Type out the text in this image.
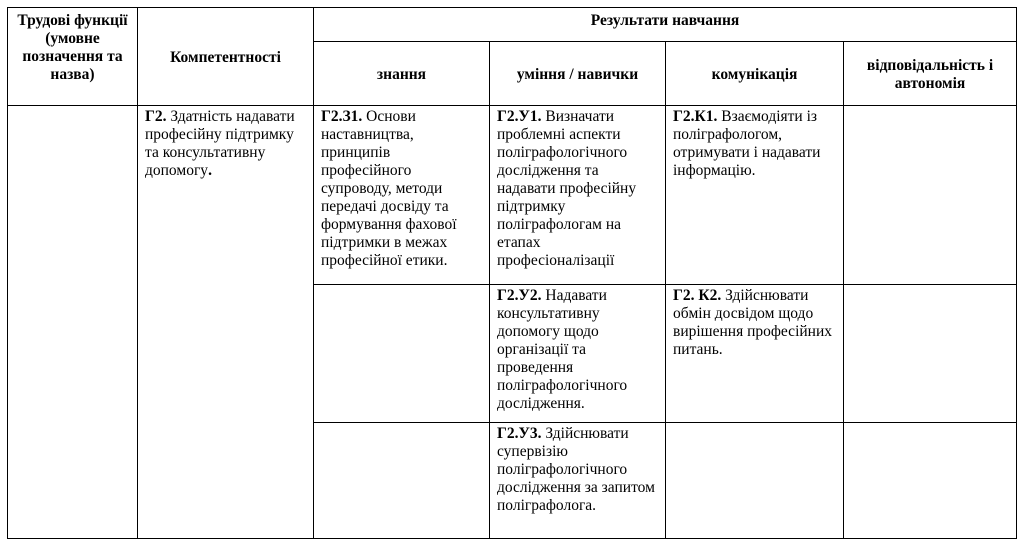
Трудові функції (умовне позначення та назва)	Компетентності	Результати навчання			
		знання	уміння / навички	комунікація	відповідальність і автономія
	Г2. Здатність надавати професійну підтримку та консультативну допомогу.	Г2.З1. Основи наставництва, принципів професійного супроводу, методи передачі досвіду та формування фахової підтримки в межах професійної етики.	Г2.У1. Визначати проблемні аспекти поліграфологічного дослідження та надавати професійну підтримку поліграфологам на етапах професіоналізації	Г2.К1. Взаємодіяти із поліграфологом, отримувати і надавати інформацію.	
			Г2.У2. Надавати консультативну допомогу щодо організації та проведення поліграфологічного дослідження.	Г2. К2. Здійснювати обмін досвідом щодо вирішення професійних питань.	
			Г2.У3. Здійснювати супервізію поліграфологічного дослідження за запитом поліграфолога.		
